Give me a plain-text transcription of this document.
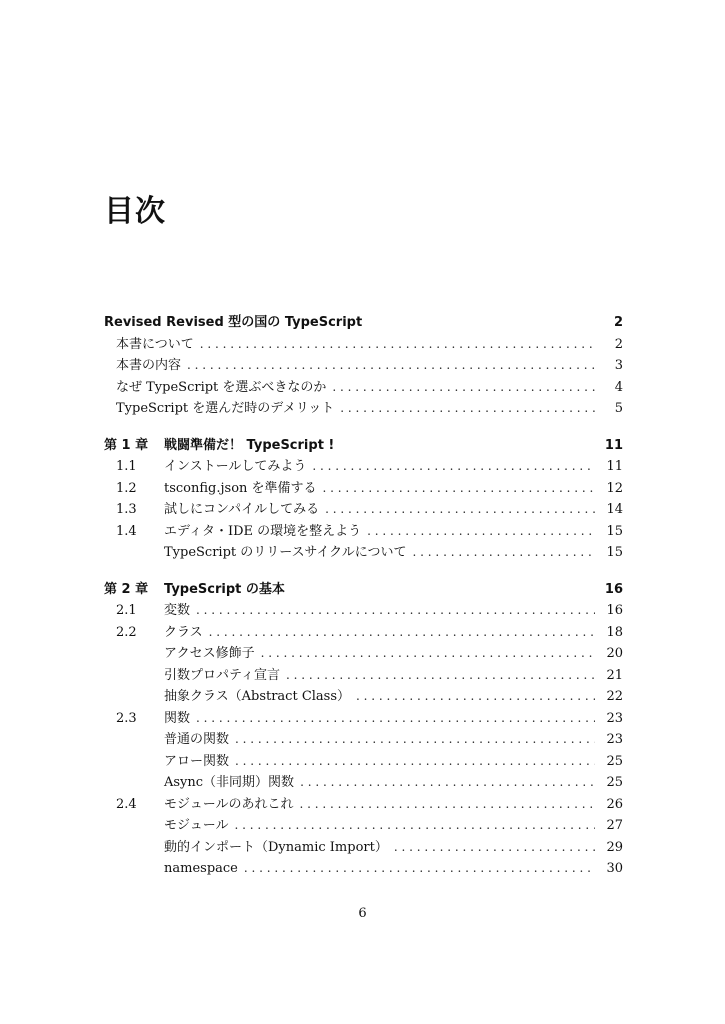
目次
Revised Revised 型の国の TypeScript	2
本書について . . .	2
本書の内容 . . .	3
なぜ TypeScript を選ぶべきなのか . . .	4
TypeScript を選んだ時のデメリット . . .	5
第 1 章	戦闘準備だ！ TypeScript !	11
1.1	インストールしてみよう . . .	11
1.2	tsconfig.json を準備する . . .	12
1.3	試しにコンパイルしてみる . . .	14
1.4	エディタ・IDE の環境を整えよう . . .	15
TypeScript のリリースサイクルについて . . .	15
第 2 章	TypeScript の基本	16
2.1	変数 . . .	16
2.2	クラス . . .	18
アクセス修飾子 . . .	20
引数プロパティ宣言 . . .	21
抽象クラス（Abstract Class） . . .	22
2.3	関数 . . .	23
普通の関数 . . .	23
アロー関数 . . .	25
Async（非同期）関数 . . .	25
2.4	モジュールのあれこれ . . .	26
モジュール . . .	27
動的インポート（Dynamic Import） . . .	29
namespace . . .	30
6
